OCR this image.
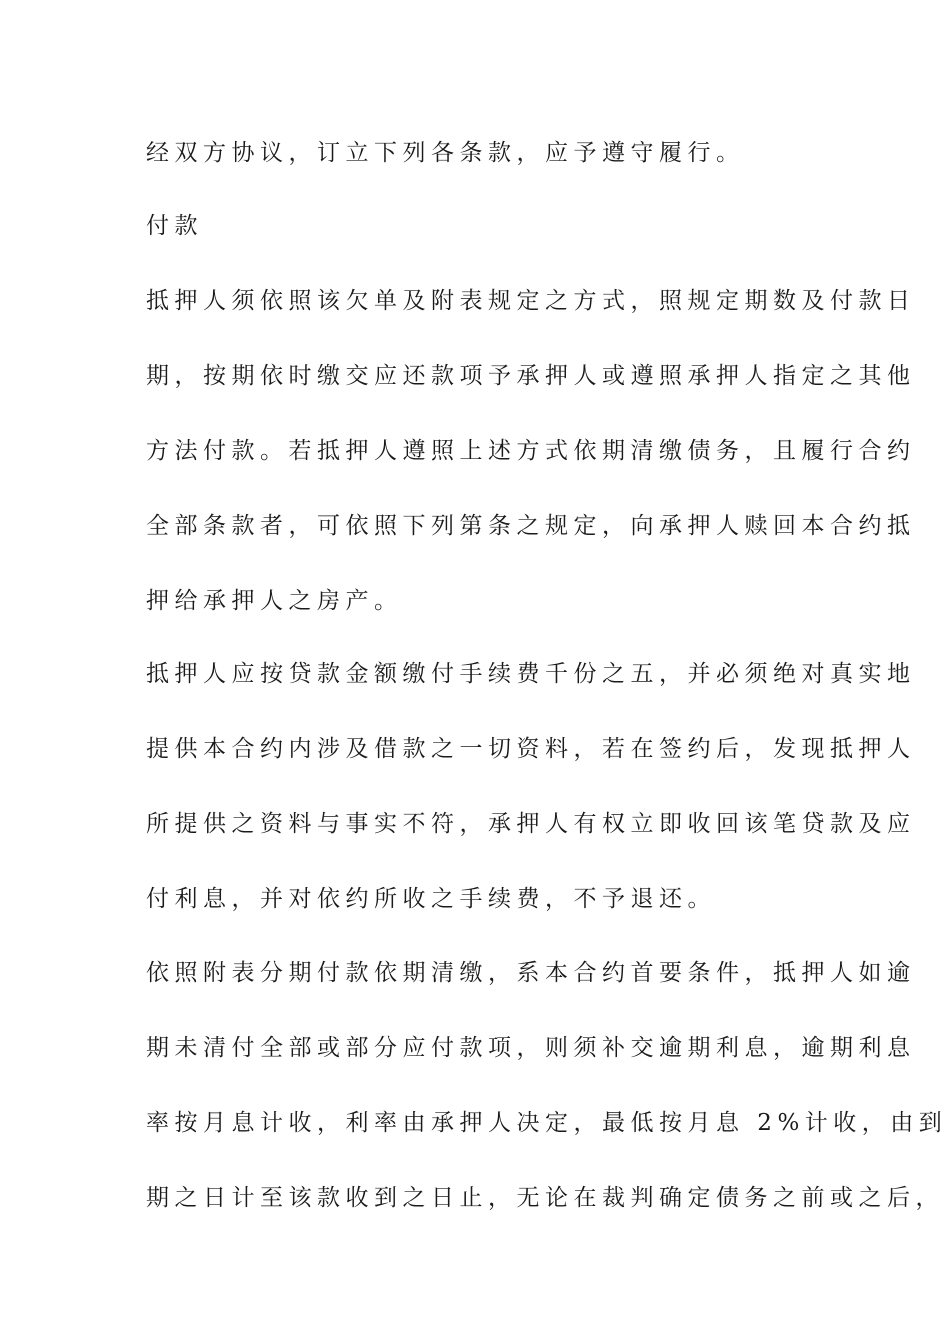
经双方协议，订立下列各条款，应予遵守履行。
付款
抵押人须依照该欠单及附表规定之方式，照规定期数及付款日
期，按期依时缴交应还款项予承押人或遵照承押人指定之其他
方法付款。若抵押人遵照上述方式依期清缴债务，且履行合约
全部条款者，可依照下列第条之规定，向承押人赎回本合约抵
押给承押人之房产。
抵押人应按贷款金额缴付手续费千份之五，并必须绝对真实地
提供本合约内涉及借款之一切资料，若在签约后，发现抵押人
所提供之资料与事实不符，承押人有权立即收回该笔贷款及应
付利息，并对依约所收之手续费，不予退还。
依照附表分期付款依期清缴，系本合约首要条件，抵押人如逾
期未清付全部或部分应付款项，则须补交逾期利息，逾期利息
率按月息计收，利率由承押人决定，最低按月息 2%计收，由到
期之日计至该款收到之日止，无论在裁判确定债务之前或之后，
